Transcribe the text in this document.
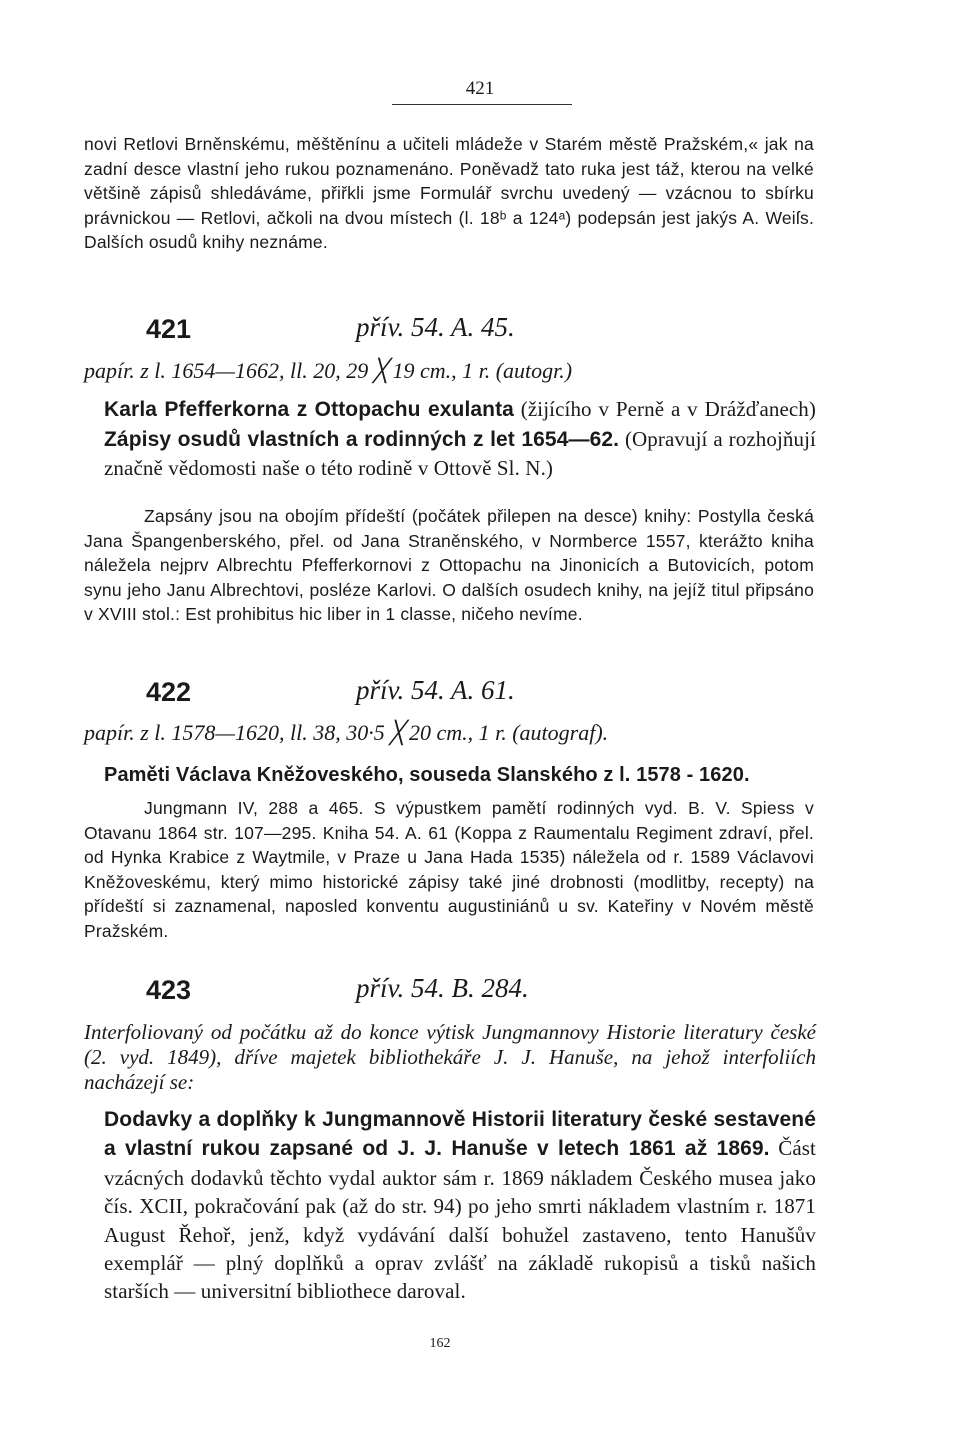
421
novi Retlovi Brněnskému, měštěnínu a učiteli mládeže v Starém městě Pražském,« jak na zadní desce vlastní jeho rukou poznamenáno. Poněvadž tato ruka jest táž, kterou na velké většině zápisů shledáváme, přiřkli jsme Formulář svrchu uvedený — vzácnou to sbírku právnickou — Retlovi, ačkoli na dvou místech (l. 18ᵇ a 124ᵃ) podepsán jest jakýs A. Weiſs. Dalších osudů knihy neznáme.
421	přív. 54. A. 45.
papír. z l. 1654—1662, ll. 20, 29 ╳ 19 cm., 1 r. (autogr.)
Karla Pfefferkorna z Ottopachu exulanta (žijícího v Perně a v Drážďanech) Zápisy osudů vlastních a rodinných z let 1654—62. (Opravují a rozhojňují značně vědomosti naše o této rodině v Ottově Sl. N.)
Zapsány jsou na obojím přídeští (počátek přilepen na desce) knihy: Postylla česká Jana Špangenberského, přel. od Jana Straněnského, v Normberce 1557, kterážto kniha náležela nejprv Albrechtu Pfefferkornovi z Ottopachu na Jinonicích a Butovicích, potom synu jeho Janu Albrechtovi, posléze Karlovi. O dalších osudech knihy, na jejíž titul připsáno v XVIII stol.: Est prohibitus hic liber in 1 classe, ničeho nevíme.
422	přív. 54. A. 61.
papír. z l. 1578—1620, ll. 38, 30·5 ╳ 20 cm., 1 r. (autograf).
Paměti Václava Kněžoveského, souseda Slanského z l. 1578 - 1620.
Jungmann IV, 288 a 465. S výpustkem pamětí rodinných vyd. B. V. Spiess v Otavanu 1864 str. 107—295. Kniha 54. A. 61 (Koppa z Raumentalu Regiment zdraví, přel. od Hynka Krabice z Waytmile, v Praze u Jana Hada 1535) náležela od r. 1589 Václavovi Kněžoveskému, který mimo historické zápisy také jiné drobnosti (modlitby, recepty) na přídeští si zaznamenal, naposled konventu augustiniánů u sv. Kateřiny v Novém městě Pražském.
423	přív. 54. B. 284.
Interfoliovaný od počátku až do konce výtisk Jungmannovy Historie literatury české (2. vyd. 1849), dříve majetek bibliothekáře J. J. Hanuše, na jehož interfoliích nacházejí se:
Dodavky a doplňky k Jungmannově Historii literatury české sestavené a vlastní rukou zapsané od J. J. Hanuše v letech 1861 až 1869. Část vzácných dodavků těchto vydal auktor sám r. 1869 nákladem Českého musea jako čís. XCII, pokračování pak (až do str. 94) po jeho smrti nákladem vlastním r. 1871 August Řehoř, jenž, když vydávání další bohužel zastaveno, tento Hanušův exemplář — plný doplňků a oprav zvlášť na základě rukopisů a tisků našich starších — universitní bibliothece daroval.
162
